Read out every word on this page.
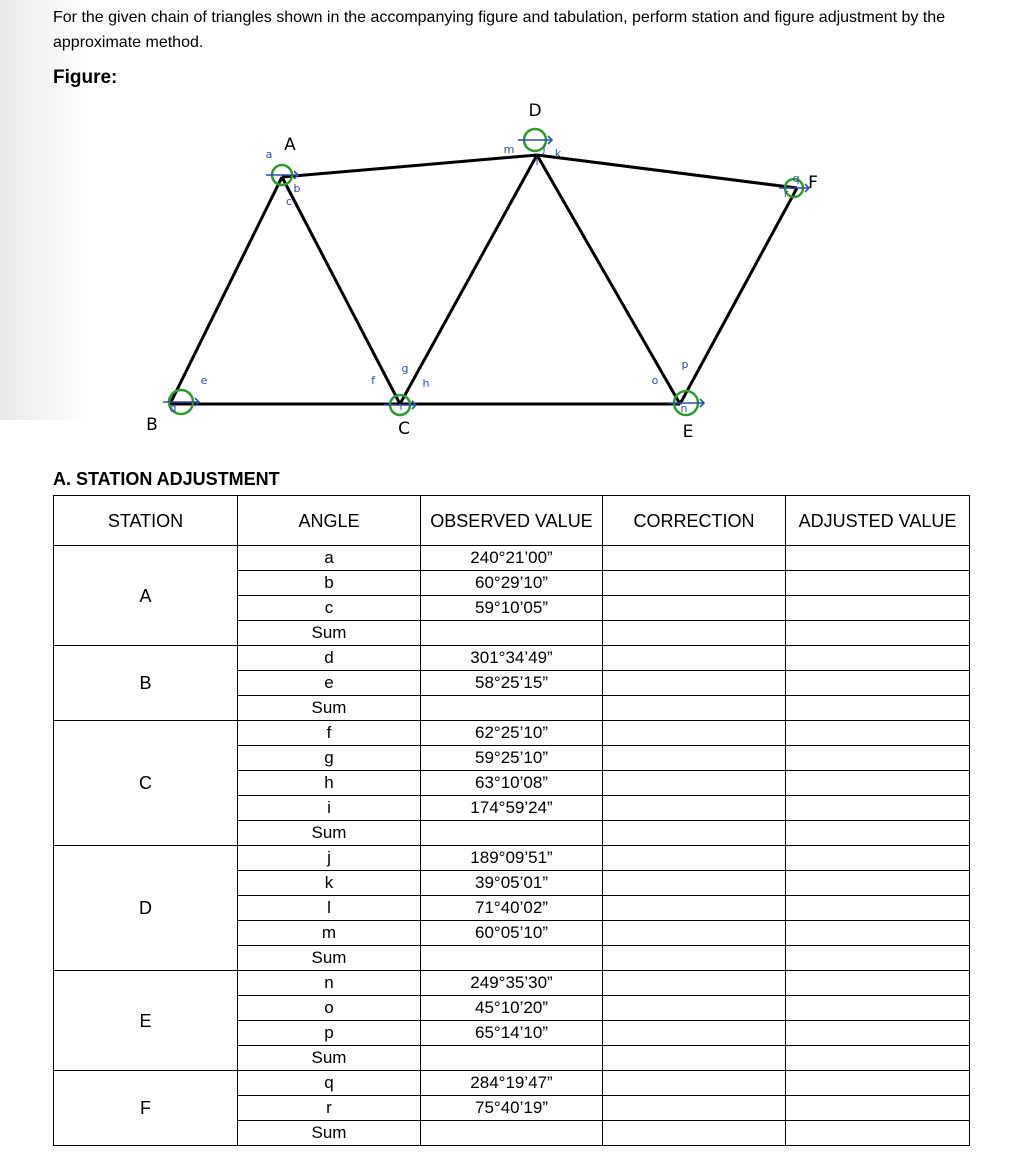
For the given chain of triangles shown in the accompanying figure and tabulation, perform station and figure adjustment by the approximate method.
Figure:
A
B	C
D
E
F
a
b
c
d
e	f
g
h
i
j k
l
m
n
o
p
q
r
A. STATION ADJUSTMENT
STATION	ANGLE	OBSERVED VALUE	CORRECTION	ADJUSTED VALUE
A	a	240°21’00”		
	b	60°29’10”		
	c	59°10’05”		
	Sum			
B	d	301°34’49”		
	e	58°25’15”		
	Sum			
C	f	62°25’10”		
	g	59°25’10”		
	h	63°10’08”		
	i	174°59’24”		
	Sum			
D	j	189°09’51”		
	k	39°05’01”		
	l	71°40’02”		
	m	60°05’10”		
	Sum			
E	n	249°35’30”		
	o	45°10’20”		
	p	65°14’10”		
	Sum			
F	q	284°19’47”		
	r	75°40’19”		
	Sum			
